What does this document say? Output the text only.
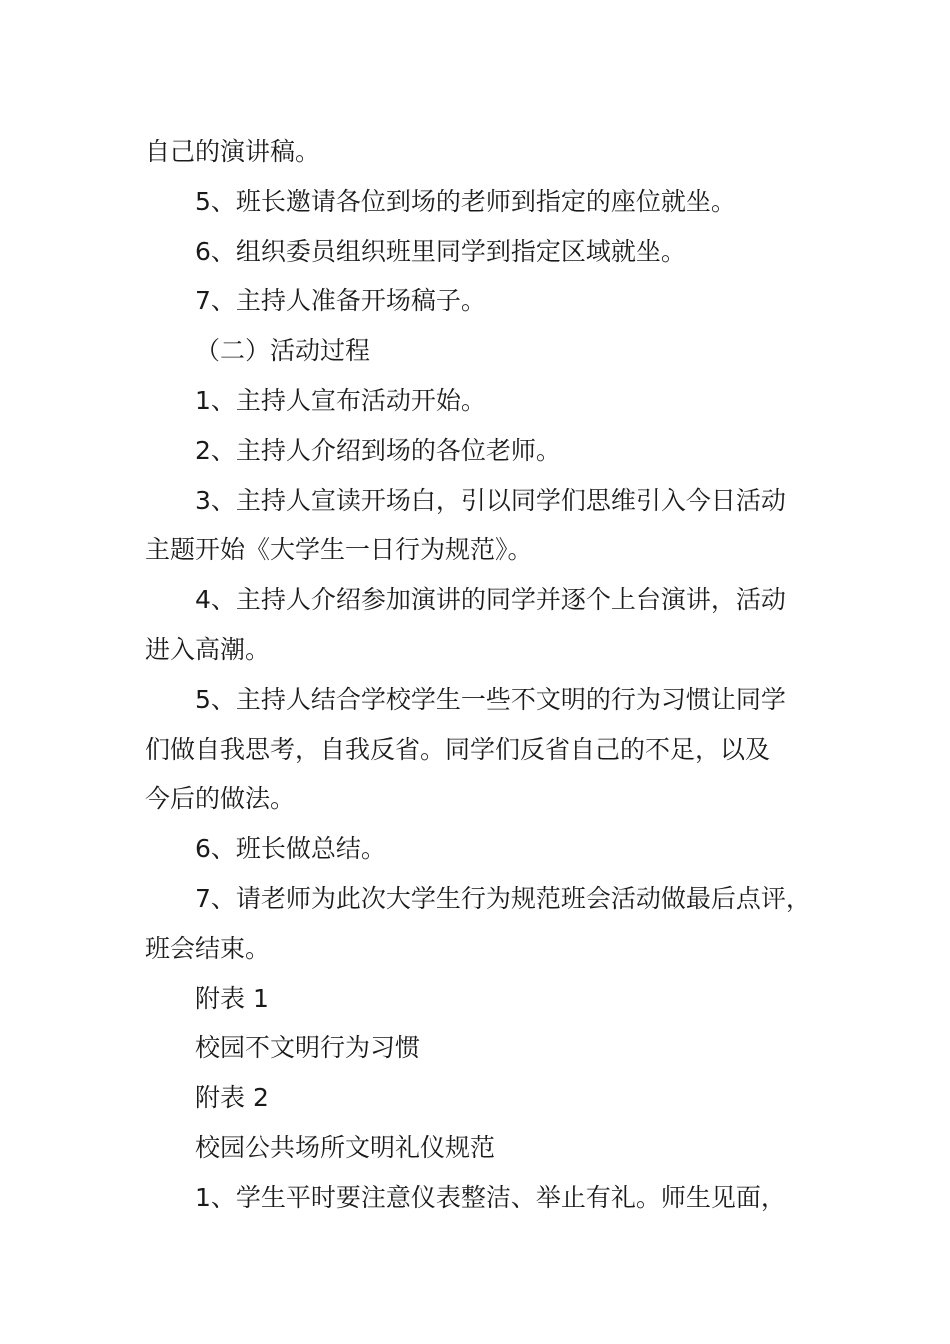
自己的演讲稿。

5、班长邀请各位到场的老师到指定的座位就坐。

6、组织委员组织班里同学到指定区域就坐。

7、主持人准备开场稿子。

（二）活动过程

1、主持人宣布活动开始。

2、主持人介绍到场的各位老师。

3、主持人宣读开场白，引以同学们思维引入今日活动

主题开始《大学生一日行为规范》。

4、主持人介绍参加演讲的同学并逐个上台演讲，活动

进入高潮。

5、主持人结合学校学生一些不文明的行为习惯让同学

们做自我思考，自我反省。同学们反省自己的不足，以及

今后的做法。

6、班长做总结。

7、请老师为此次大学生行为规范班会活动做最后点评，

班会结束。

附表 1

校园不文明行为习惯

附表 2

校园公共场所文明礼仪规范

1、学生平时要注意仪表整洁、举止有礼。师生见面，
